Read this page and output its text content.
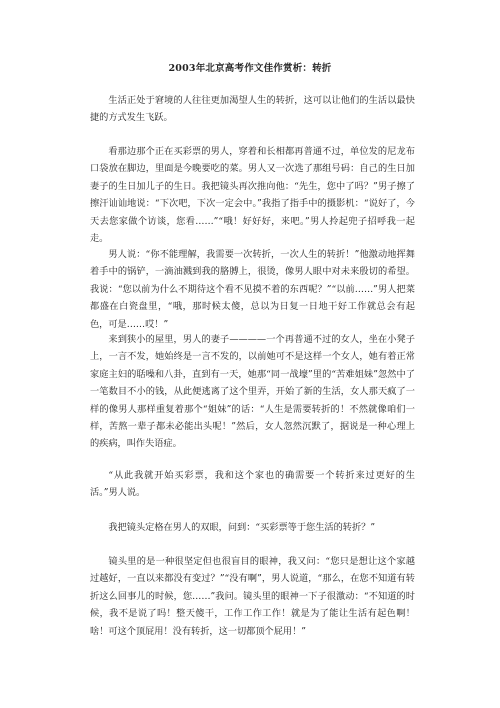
2003年北京高考作文佳作赏析：转折

生活正处于窘境的人往往更加渴望人生的转折，这可以让他们的生活以最快捷的方式发生飞跃。

看那边那个正在买彩票的男人，穿着和长相都再普通不过，单位发的尼龙布口袋放在脚边，里面是今晚要吃的菜。男人又一次选了那组号码：自己的生日加妻子的生日加儿子的生日。我把镜头再次推向他：“先生，您中了吗？”男子擦了擦汗讪讪地说：“下次吧，下次一定会中。”我指了指手中的摄影机：“说好了，今天去您家做个访谈，您看……”“哦！好好好，来吧。”男人拎起兜子招呼我一起走。

男人说：“你不能理解，我需要一次转折，一次人生的转折！”他激动地挥舞着手中的锅铲，一滴油溅到我的胳膊上，很烫，像男人眼中对未来殷切的希望。我说：“您以前为什么不期待这个看不见摸不着的东西呢？”“以前……”男人把菜都盛在白瓷盘里，“哦，那时候太傻，总以为日复一日地干好工作就总会有起色，可是……哎！”

来到狭小的屋里，男人的妻子————一个再普通不过的女人，坐在小凳子上，一言不发，她始终是一言不发的，以前她可不是这样一个女人，她有着正常家庭主妇的聒噪和八卦，直到有一天，她那“同一战壕”里的“苦难姐妹”忽然中了一笔数目不小的钱，从此便逃离了这个里弄，开始了新的生活，女人那天疯了一样的像男人那样重复着那个“姐妹”的话：“人生是需要转折的！不然就像咱们一样，苦熬一辈子都未必能出头呢！”然后，女人忽然沉默了，据说是一种心理上的疾病，叫作失语症。

“从此我就开始买彩票，我和这个家也的确需要一个转折来过更好的生活。”男人说。

我把镜头定格在男人的双眼，问到：“买彩票等于您生活的转折？”

镜头里的是一种很坚定但也很盲目的眼神，我又问：“您只是想让这个家越过越好，一直以来都没有变过？”“没有啊”，男人说道，“那么，在您不知道有转折这么回事儿的时候，您……”我问。镜头里的眼神一下子很激动：“不知道的时候，我不是说了吗！整天傻干，工作工作工作！就是为了能让生活有起色啊！啥！可这个顶屁用！没有转折，这一切都顶个屁用！”
